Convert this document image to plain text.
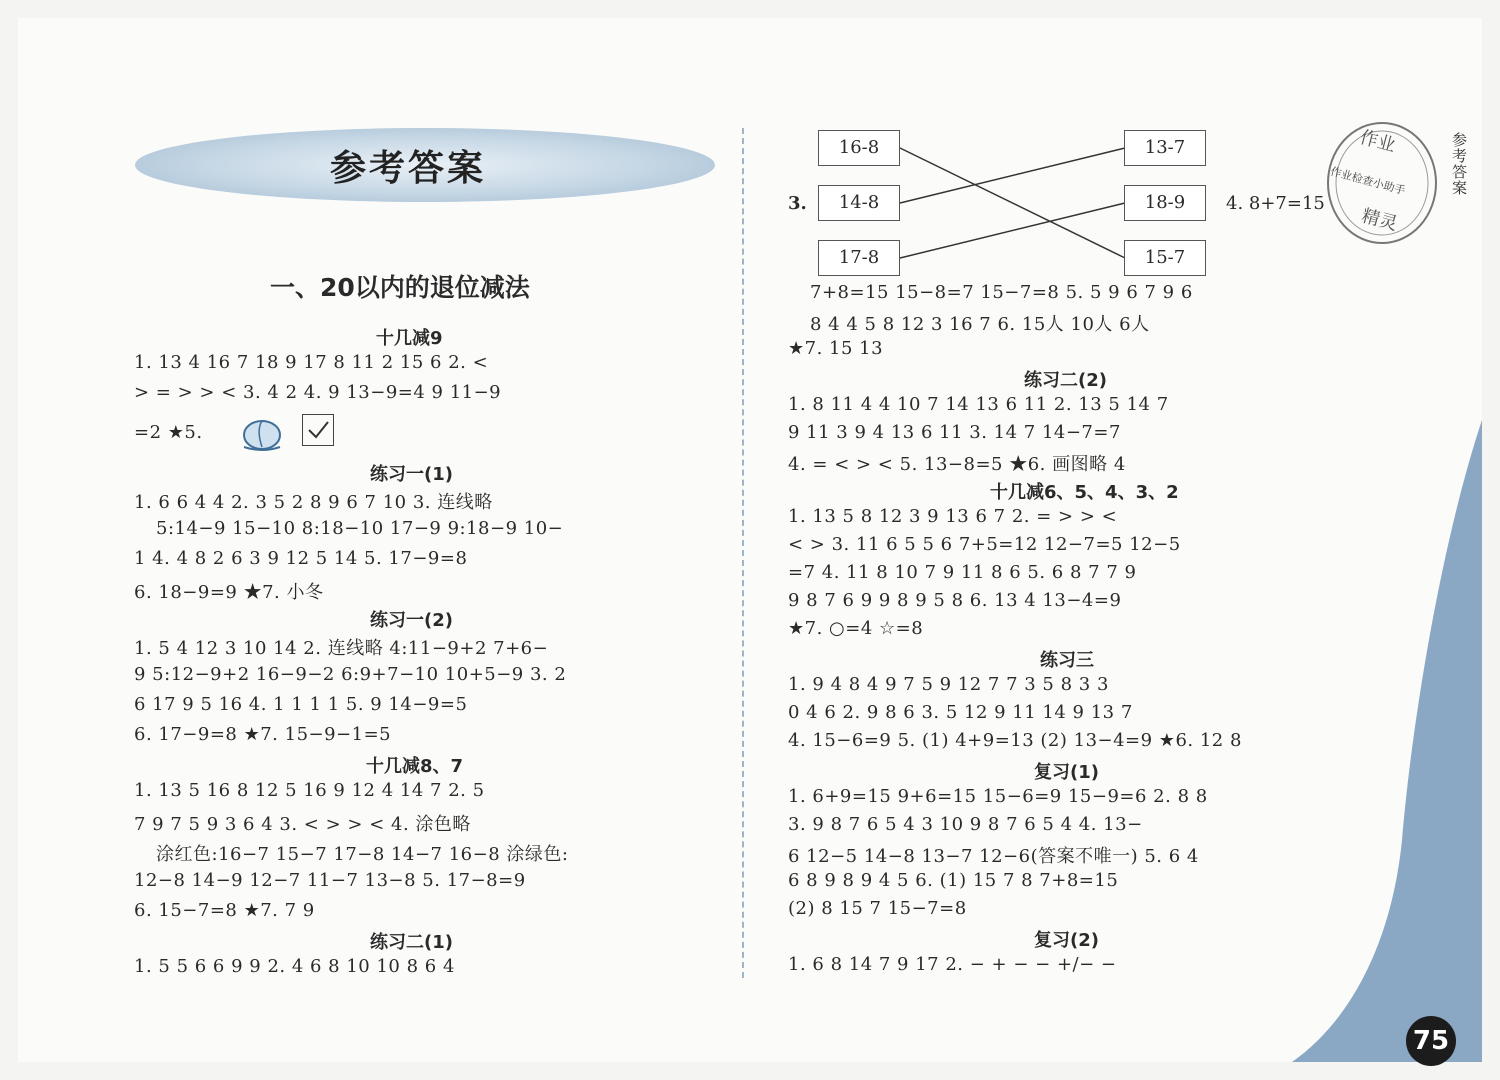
参考答案
一、20以内的退位减法
十几减9
1. 13 4 16 7 18 9 17 8 11 2 15 6 2. <
> = > > < 3. 4 2 4. 9 13−9=4 9 11−9
=2 ★5.
练习一(1)
1. 6 6 4 4 2. 3 5 2 8 9 6 7 10 3. 连线略
5:14−9 15−10 8:18−10 17−9 9:18−9 10−
1 4. 4 8 2 6 3 9 12 5 14 5. 17−9=8
6. 18−9=9 ★7. 小冬
练习一(2)
1. 5 4 12 3 10 14 2. 连线略 4:11−9+2 7+6−
9 5:12−9+2 16−9−2 6:9+7−10 10+5−9 3. 2
6 17 9 5 16 4. 1 1 1 1 5. 9 14−9=5
6. 17−9=8 ★7. 15−9−1=5
十几减8、7
1. 13 5 16 8 12 5 16 9 12 4 14 7 2. 5
7 9 7 5 9 3 6 4 3. < > > < 4. 涂色略
涂红色:16−7 15−7 17−8 14−7 16−8 涂绿色:
12−8 14−9 12−7 11−7 13−8 5. 17−8=9
6. 15−7=8 ★7. 7 9
练习二(1)
1. 5 5 6 6 9 9 2. 4 6 8 10 10 8 6 4
3.
16-8
14-8
17-8
13-7
18-9
15-7
4. 8+7=15
7+8=15 15−8=7 15−7=8 5. 5 9 6 7 9 6
8 4 4 5 8 12 3 16 7 6. 15人 10人 6人
★7. 15 13
练习二(2)
1. 8 11 4 4 10 7 14 13 6 11 2. 13 5 14 7
9 11 3 9 4 13 6 11 3. 14 7 14−7=7
4. = < > < 5. 13−8=5 ★6. 画图略 4
十几减6、5、4、3、2
1. 13 5 8 12 3 9 13 6 7 2. = > > <
< > 3. 11 6 5 5 6 7+5=12 12−7=5 12−5
=7 4. 11 8 10 7 9 11 8 6 5. 6 8 7 7 9
9 8 7 6 9 9 8 9 5 8 6. 13 4 13−4=9
★7. ○=4 ☆=8
练习三
1. 9 4 8 4 9 7 5 9 12 7 7 3 5 8 3 3
0 4 6 2. 9 8 6 3. 5 12 9 11 14 9 13 7
4. 15−6=9 5. (1) 4+9=13 (2) 13−4=9 ★6. 12 8
复习(1)
1. 6+9=15 9+6=15 15−6=9 15−9=6 2. 8 8
3. 9 8 7 6 5 4 3 10 9 8 7 6 5 4 4. 13−
6 12−5 14−8 13−7 12−6(答案不唯一) 5. 6 4
6 8 9 8 9 4 5 6. (1) 15 7 8 7+8=15
(2) 8 15 7 15−7=8
复习(2)
1. 6 8 14 7 9 17 2. − + − − +/− −
作业
作业检查小助手
精灵
参考答案
75
